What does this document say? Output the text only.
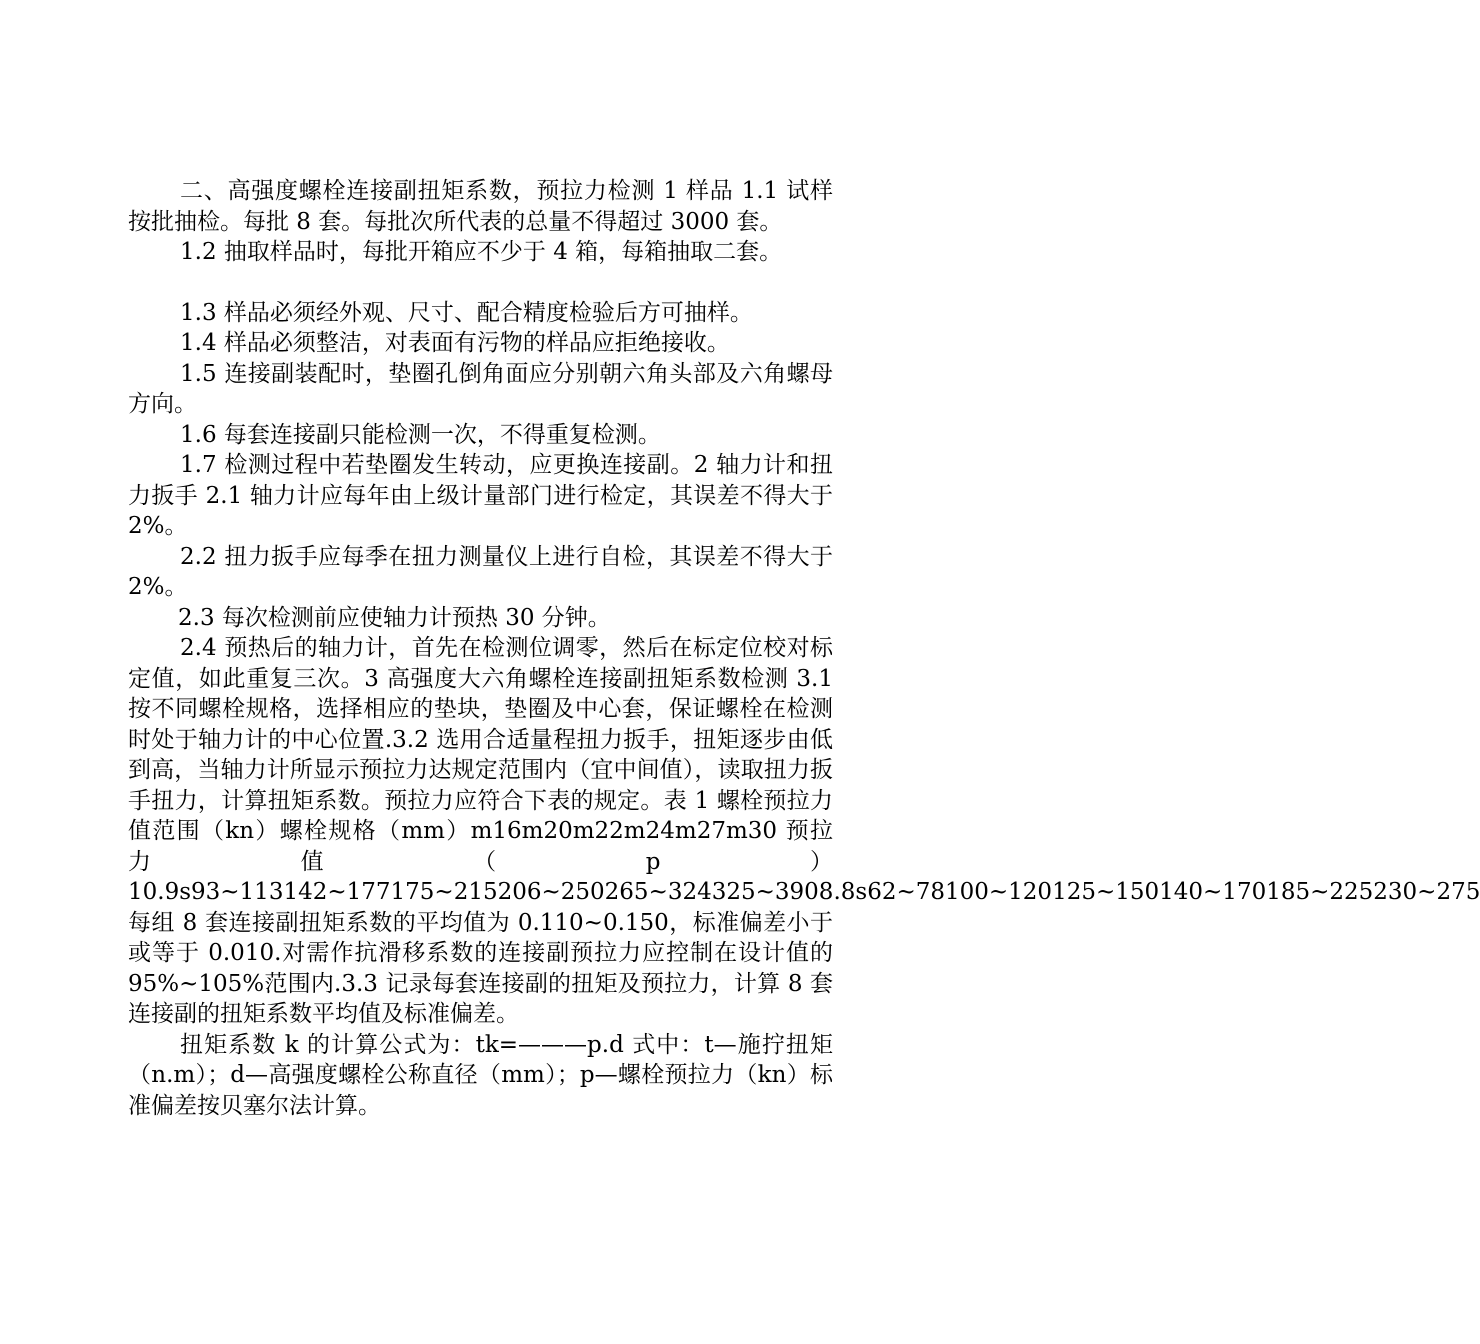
二、高强度螺栓连接副扭矩系数，预拉力检测 1 样品 1.1 试样按批抽检。每批 8 套。每批次所代表的总量不得超过 3000 套。

1.2 抽取样品时，每批开箱应不少于 4 箱，每箱抽取二套。

1.3 样品必须经外观、尺寸、配合精度检验后方可抽样。

1.4 样品必须整洁，对表面有污物的样品应拒绝接收。

1.5 连接副装配时，垫圈孔倒角面应分别朝六角头部及六角螺母方向。

1.6 每套连接副只能检测一次，不得重复检测。

1.7 检测过程中若垫圈发生转动，应更换连接副。2 轴力计和扭力扳手 2.1 轴力计应每年由上级计量部门进行检定，其误差不得大于 2%。

2.2 扭力扳手应每季在扭力测量仪上进行自检，其误差不得大于 2%。

2.3 每次检测前应使轴力计预热 30 分钟。

2.4 预热后的轴力计，首先在检测位调零，然后在标定位校对标定值，如此重复三次。3 高强度大六角螺栓连接副扭矩系数检测 3.1 按不同螺栓规格，选择相应的垫块，垫圈及中心套，保证螺栓在检测时处于轴力计的中心位置.3.2 选用合适量程扭力扳手，扭矩逐步由低到高，当轴力计所显示预拉力达规定范围内（宜中间值），读取扭力扳手扭力，计算扭矩系数。预拉力应符合下表的规定。表 1 螺栓预拉力值范围（kn）螺栓规格（mm）m16m20m22m24m27m30 预拉力值（p）10.9s93~113142~177175~215206~250265~324325~3908.8s62~78100~120125~150140~170185~225230~275 每组 8 套连接副扭矩系数的平均值为 0.110~0.150，标准偏差小于或等于 0.010.对需作抗滑移系数的连接副预拉力应控制在设计值的 95%~105%范围内.3.3 记录每套连接副的扭矩及预拉力，计算 8 套连接副的扭矩系数平均值及标准偏差。

扭矩系数 k 的计算公式为：tk=———p.d 式中：t—施拧扭矩（n.m）；d—高强度螺栓公称直径（mm）；p—螺栓预拉力（kn）标准偏差按贝塞尔法计算。
